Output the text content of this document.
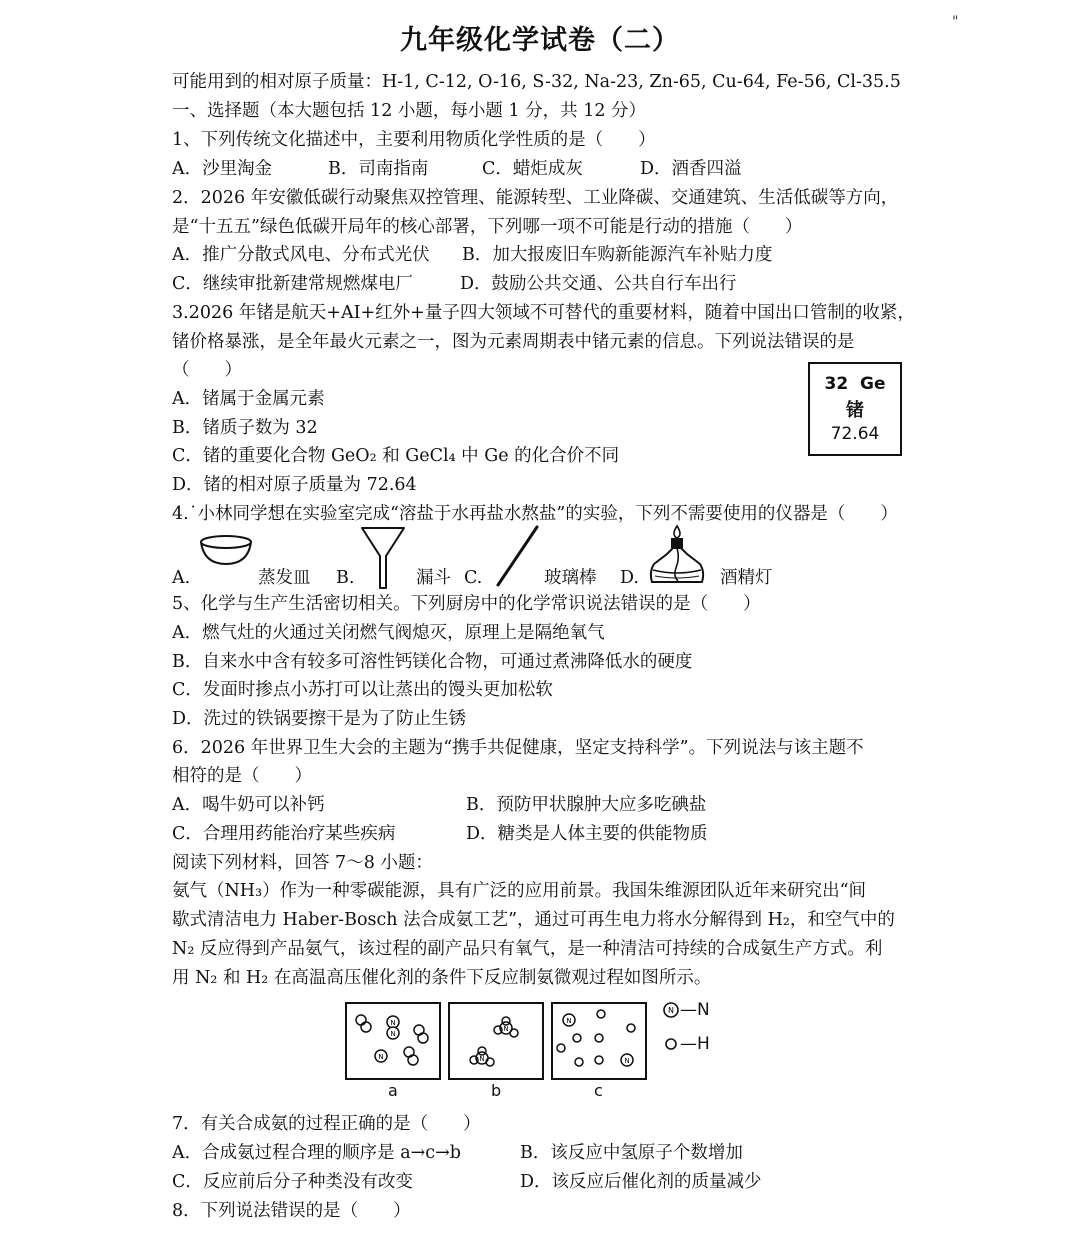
九年级化学试卷（二）
"
可能用到的相对原子质量：H-1, C-12, O-16, S-32, Na-23, Zn-65, Cu-64, Fe-56, Cl-35.5
一、选择题（本大题包括 12 小题，每小题 1 分，共 12 分）
1、下列传统文化描述中，主要利用物质化学性质的是（　　）
A．沙里淘金	B．司南指南	C．蜡炬成灰	D．酒香四溢
2．2026 年安徽低碳行动聚焦双控管理、能源转型、工业降碳、交通建筑、生活低碳等方向，
是“十五五”绿色低碳开局年的核心部署，下列哪一项不可能是行动的措施（　　）
A．推广分散式风电、分布式光伏 B．加大报废旧车购新能源汽车补贴力度
C．继续审批新建常规燃煤电厂	D．鼓励公共交通、公共自行车出行
3.2026 年锗是航天+AI+红外+量子四大领域不可替代的重要材料，随着中国出口管制的收紧，
锗价格暴涨，是全年最火元素之一，图为元素周期表中锗元素的信息。下列说法错误的是
（　　）
A．锗属于金属元素
B．锗质子数为 32
C．锗的重要化合物 GeO₂ 和 GeCl₄ 中 Ge 的化合价不同
D．锗的相对原子质量为 72.64
32 Ge
锗
72.64
4.˙小林同学想在实验室完成“溶盐于水再盐水熬盐”的实验，下列不需要使用的仪器是（　　）
A.	蒸发皿 B.	漏斗 C.	玻璃棒 D.	酒精灯
5、化学与生产生活密切相关。下列厨房中的化学常识说法错误的是（　　）
A．燃气灶的火通过关闭燃气阀熄灭，原理上是隔绝氧气
B．自来水中含有较多可溶性钙镁化合物，可通过煮沸降低水的硬度
C．发面时掺点小苏打可以让蒸出的馒头更加松软
D．洗过的铁锅要擦干是为了防止生锈
6．2026 年世界卫生大会的主题为“携手共促健康，坚定支持科学”。下列说法与该主题不
相符的是（　　）
A．喝牛奶可以补钙	B．预防甲状腺肿大应多吃碘盐
C．合理用药能治疗某些疾病	D．糖类是人体主要的供能物质
阅读下列材料，回答 7～8 小题：
氨气（NH₃）作为一种零碳能源，具有广泛的应用前景。我国朱维源团队近年来研究出“间
歇式清洁电力 Haber-Bosch 法合成氨工艺”，通过可再生电力将水分解得到 H₂，和空气中的
N₂ 反应得到产品氨气，该过程的副产品只有氧气，是一种清洁可持续的合成氨生产方式。利
用 N₂ 和 H₂ 在高温高压催化剂的条件下反应制氨微观过程如图所示。
N
N
N
N
N
N
N
a	b	c
N —N
—H
7．有关合成氨的过程正确的是（　　）
A．合成氨过程合理的顺序是 a→c→b	B．该反应中氢原子个数增加
C．反应前后分子种类没有改变	D．该反应后催化剂的质量减少
8．下列说法错误的是（　　）
